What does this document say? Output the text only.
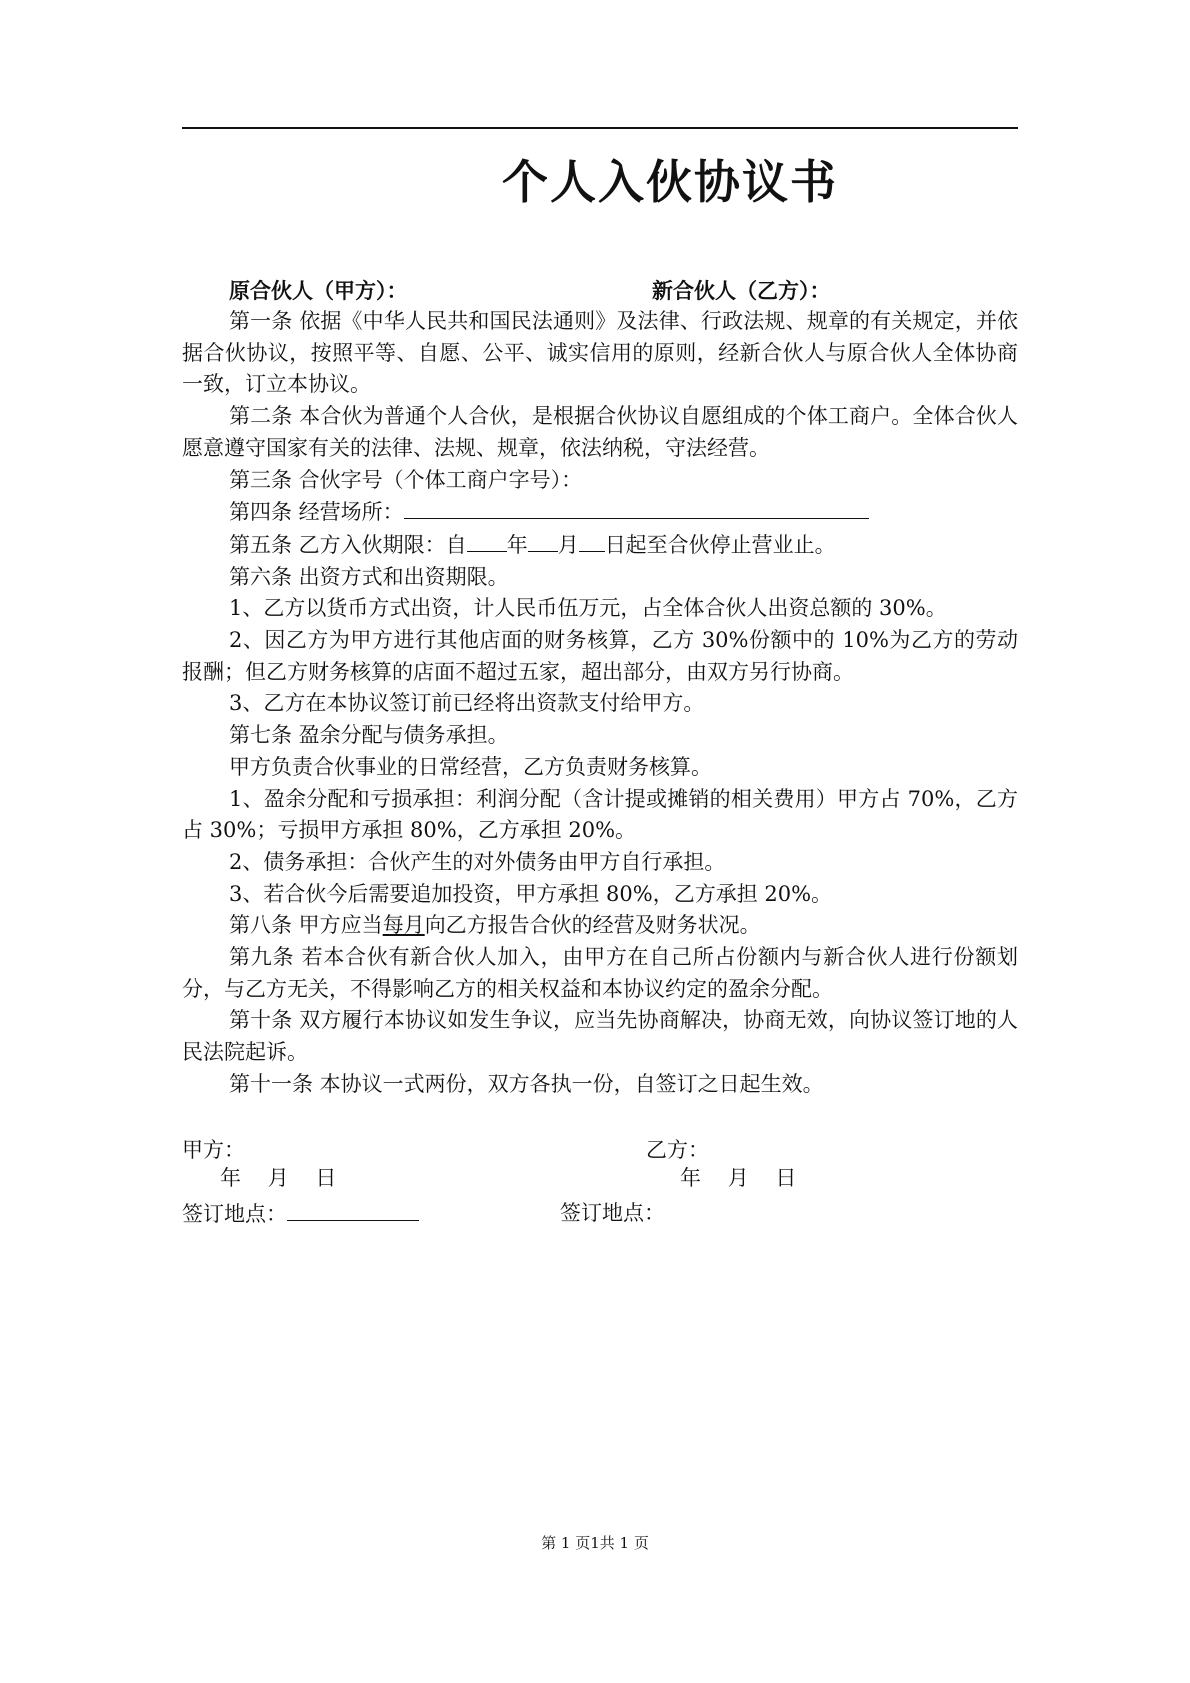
个人入伙协议书
原合伙人（甲方）：	新合伙人（乙方）：

第一条 依据《中华人民共和国民法通则》及法律、行政法规、规章的有关规定，并依据合伙协议，按照平等、自愿、公平、诚实信用的原则，经新合伙人与原合伙人全体协商一致，订立本协议。

第二条 本合伙为普通个人合伙，是根据合伙协议自愿组成的个体工商户。全体合伙人愿意遵守国家有关的法律、法规、规章，依法纳税，守法经营。

第三条 合伙字号（个体工商户字号）：

第四条 经营场所：

第五条 乙方入伙期限：自 年 月 日起至合伙停止营业止。

第六条 出资方式和出资期限。

1、乙方以货币方式出资，计人民币伍万元，占全体合伙人出资总额的 30%。

2、因乙方为甲方进行其他店面的财务核算，乙方 30%份额中的 10%为乙方的劳动报酬；但乙方财务核算的店面不超过五家，超出部分，由双方另行协商。

3、乙方在本协议签订前已经将出资款支付给甲方。

第七条 盈余分配与债务承担。

甲方负责合伙事业的日常经营，乙方负责财务核算。

1、盈余分配和亏损承担：利润分配（含计提或摊销的相关费用）甲方占 70%，乙方占 30%；亏损甲方承担 80%，乙方承担 20%。

2、债务承担：合伙产生的对外债务由甲方自行承担。

3、若合伙今后需要追加投资，甲方承担 80%，乙方承担 20%。

第八条 甲方应当每月向乙方报告合伙的经营及财务状况。

第九条 若本合伙有新合伙人加入，由甲方在自己所占份额内与新合伙人进行份额划分，与乙方无关，不得影响乙方的相关权益和本协议约定的盈余分配。

第十条 双方履行本协议如发生争议，应当先协商解决，协商无效，向协议签订地的人民法院起诉。

第十一条 本协议一式两份，双方各执一份，自签订之日起生效。

甲方：	乙方：
年    月    日	年    月    日
签订地点：	签订地点：
第 1 页1共 1 页
